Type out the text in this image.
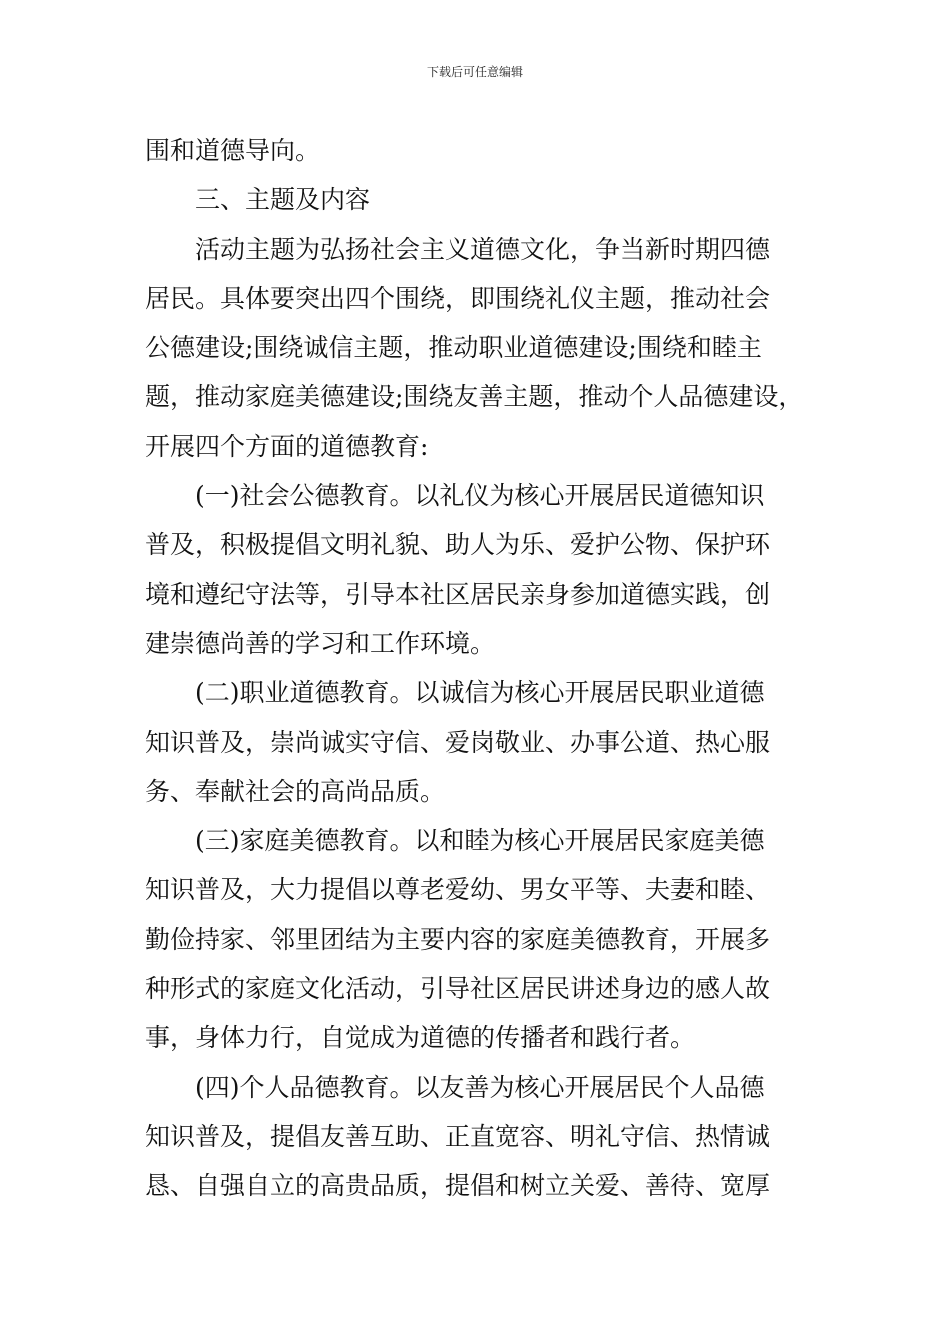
下载后可任意编辑
围和道德导向。
三、主题及内容
活动主题为弘扬社会主义道德文化，争当新时期四德
居民。具体要突出四个围绕，即围绕礼仪主题，推动社会
公德建设;围绕诚信主题，推动职业道德建设;围绕和睦主
题，推动家庭美德建设;围绕友善主题，推动个人品德建设，
开展四个方面的道德教育:
(一)社会公德教育。以礼仪为核心开展居民道德知识
普及，积极提倡文明礼貌、助人为乐、爱护公物、保护环
境和遵纪守法等，引导本社区居民亲身参加道德实践，创
建崇德尚善的学习和工作环境。
(二)职业道德教育。以诚信为核心开展居民职业道德
知识普及，崇尚诚实守信、爱岗敬业、办事公道、热心服
务、奉献社会的高尚品质。
(三)家庭美德教育。以和睦为核心开展居民家庭美德
知识普及，大力提倡以尊老爱幼、男女平等、夫妻和睦、
勤俭持家、邻里团结为主要内容的家庭美德教育，开展多
种形式的家庭文化活动，引导社区居民讲述身边的感人故
事，身体力行，自觉成为道德的传播者和践行者。
(四)个人品德教育。以友善为核心开展居民个人品德
知识普及，提倡友善互助、正直宽容、明礼守信、热情诚
恳、自强自立的高贵品质，提倡和树立关爱、善待、宽厚
